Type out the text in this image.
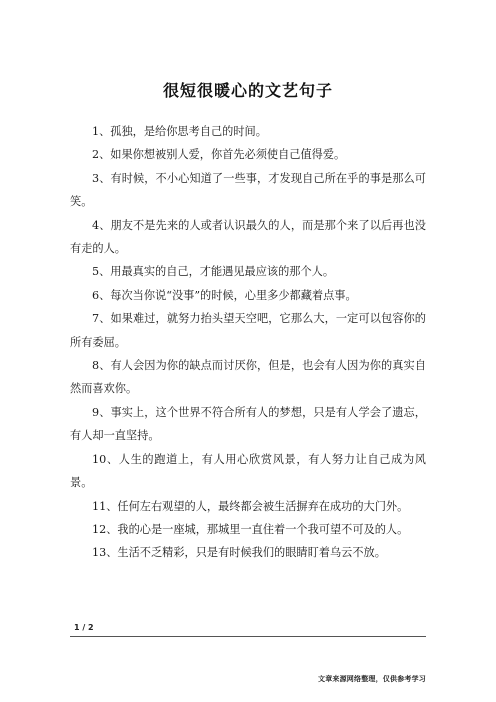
很短很暖心的文艺句子

1、孤独，是给你思考自己的时间。

2、如果你想被别人爱，你首先必须使自己值得爱。

3、有时候，不小心知道了一些事，才发现自己所在乎的事是那么可笑。

4、朋友不是先来的人或者认识最久的人，而是那个来了以后再也没有走的人。

5、用最真实的自己，才能遇见最应该的那个人。

6、每次当你说“没事”的时候，心里多少都藏着点事。

7、如果难过，就努力抬头望天空吧，它那么大，一定可以包容你的所有委屈。

8、有人会因为你的缺点而讨厌你，但是，也会有人因为你的真实自然而喜欢你。

9、事实上，这个世界不符合所有人的梦想，只是有人学会了遗忘，有人却一直坚持。

10、人生的跑道上，有人用心欣赏风景，有人努力让自己成为风景。

11、任何左右观望的人，最终都会被生活摒弃在成功的大门外。

12、我的心是一座城，那城里一直住着一个我可望不可及的人。

13、生活不乏精彩，只是有时候我们的眼睛盯着乌云不放。

1 / 2
文章来源网络整理，仅供参考学习
